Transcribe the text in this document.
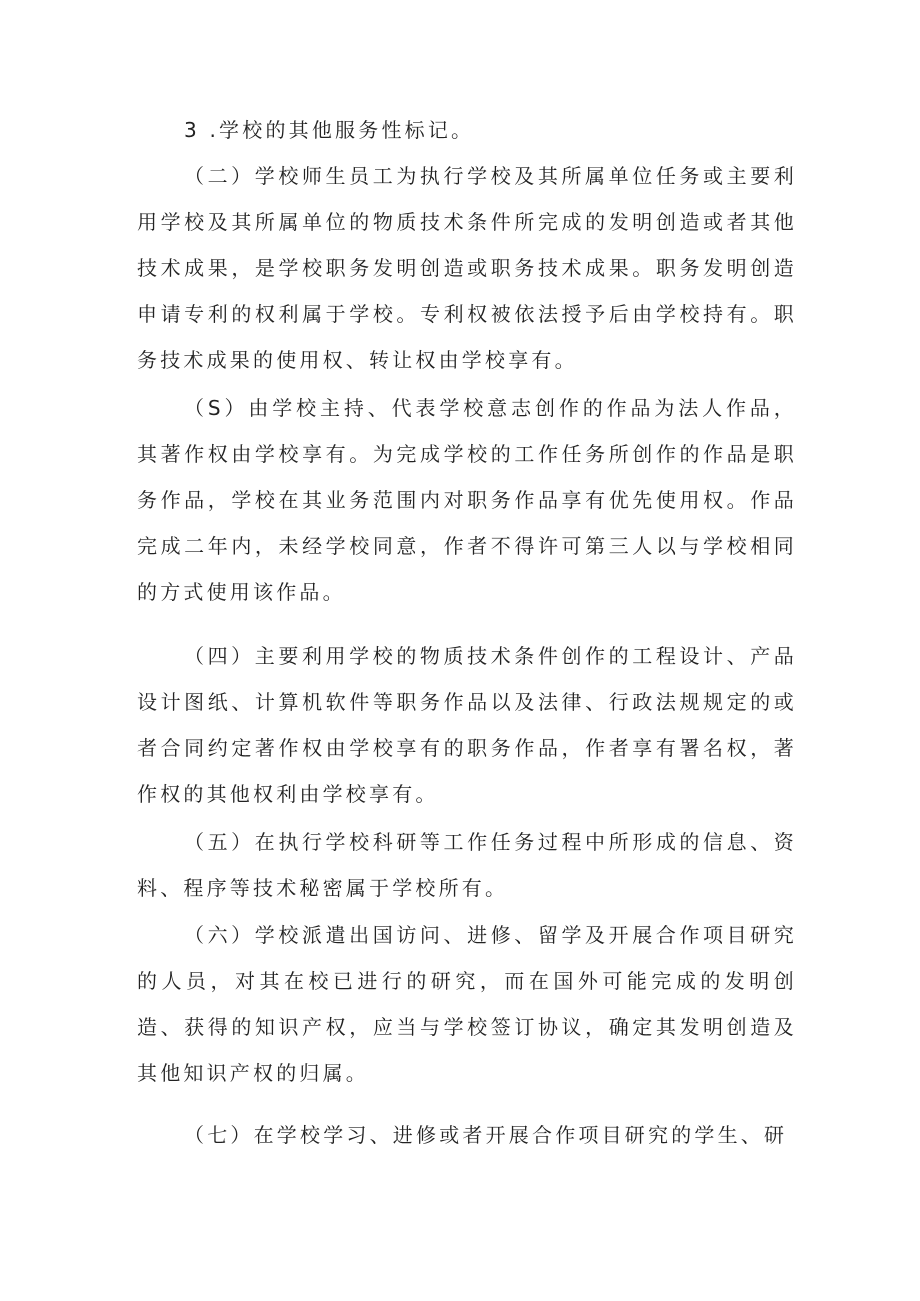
3 .学校的其他服务性标记。

（二）学校师生员工为执行学校及其所属单位任务或主要利用学校及其所属单位的物质技术条件所完成的发明创造或者其他技术成果，是学校职务发明创造或职务技术成果。职务发明创造申请专利的权利属于学校。专利权被依法授予后由学校持有。职务技术成果的使用权、转让权由学校享有。

（S）由学校主持、代表学校意志创作的作品为法人作品，其著作权由学校享有。为完成学校的工作任务所创作的作品是职务作品，学校在其业务范围内对职务作品享有优先使用权。作品完成二年内，未经学校同意，作者不得许可第三人以与学校相同的方式使用该作品。

（四）主要利用学校的物质技术条件创作的工程设计、产品设计图纸、计算机软件等职务作品以及法律、行政法规规定的或者合同约定著作权由学校享有的职务作品，作者享有署名权，著作权的其他权利由学校享有。

（五）在执行学校科研等工作任务过程中所形成的信息、资料、程序等技术秘密属于学校所有。

（六）学校派遣出国访问、进修、留学及开展合作项目研究的人员，对其在校已进行的研究，而在国外可能完成的发明创造、获得的知识产权，应当与学校签订协议，确定其发明创造及其他知识产权的归属。

（七）在学校学习、进修或者开展合作项目研究的学生、研
